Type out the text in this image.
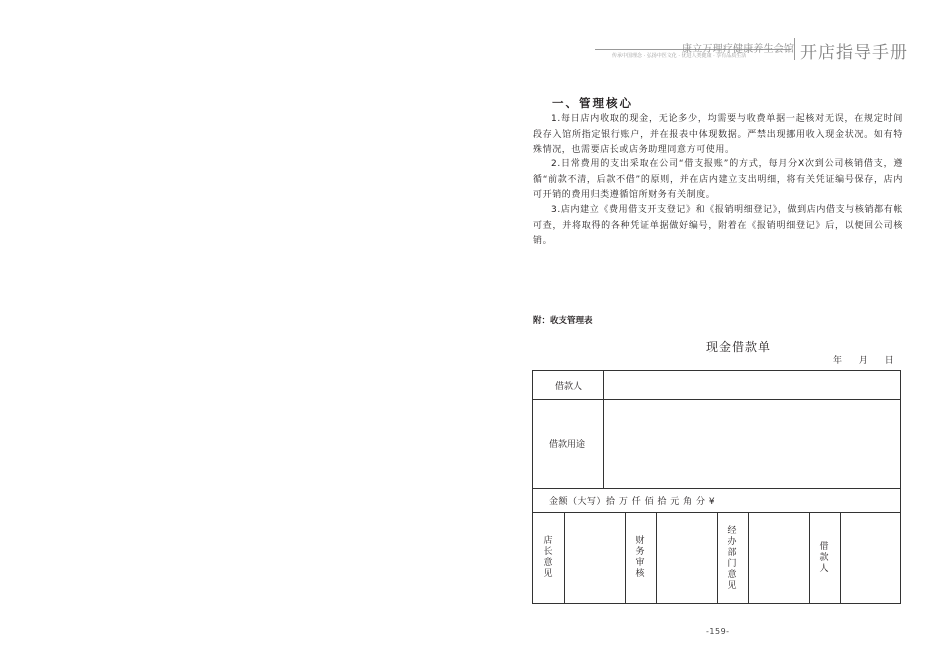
康立万理疗健康养生会馆
传承中国理念 · 弘扬中医文化 · 优进人类健康 · 享有品质生活	开店指导手册
一、管理核心
1.每日店内收取的现金，无论多少，均需要与收费单据一起核对无误，在规定时间段存入馆所指定银行账户，并在报表中体现数据。严禁出现挪用收入现金状况。如有特殊情况，也需要店长或店务助理同意方可使用。
2.日常费用的支出采取在公司“借支报账”的方式，每月分X次到公司核销借支，遵循“前款不清，后款不借”的原则，并在店内建立支出明细，将有关凭证编号保存，店内可开销的费用归类遵循馆所财务有关制度。
3.店内建立《费用借支开支登记》和《报销明细登记》，做到店内借支与核销都有帐可查，并将取得的各种凭证单据做好编号，附着在《报销明细登记》后，以便回公司核销。
附：收支管理表
现金借款单
年 月 日
借款人
借款用途
金额（大写）拾 万 仟 佰 拾 元 角 分 ¥
店长意见
财务审核
经办部门意见
借款人
-159-
